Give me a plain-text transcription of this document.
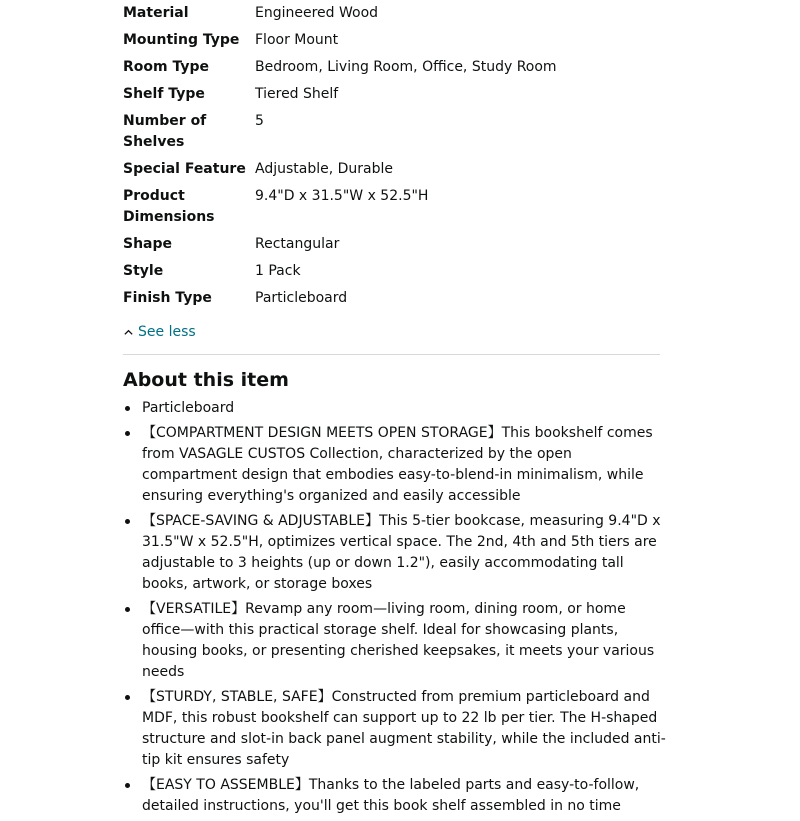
Material	Engineered Wood
Mounting Type	Floor Mount
Room Type	Bedroom, Living Room, Office, Study Room
Shelf Type	Tiered Shelf
Number of Shelves	5
Special Feature	Adjustable, Durable
Product Dimensions	9.4"D x 31.5"W x 52.5"H
Shape	Rectangular
Style	1 Pack
Finish Type	Particleboard
See less
About this item
Particleboard
【COMPARTMENT DESIGN MEETS OPEN STORAGE】This bookshelf comes from VASAGLE CUSTOS Collection, characterized by the open compartment design that embodies easy-to-blend-in minimalism, while ensuring everything's organized and easily accessible
【SPACE-SAVING & ADJUSTABLE】This 5-tier bookcase, measuring 9.4"D x 31.5"W x 52.5"H, optimizes vertical space. The 2nd, 4th and 5th tiers are adjustable to 3 heights (up or down 1.2"), easily accommodating tall books, artwork, or storage boxes
【VERSATILE】Revamp any room—living room, dining room, or home office—with this practical storage shelf. Ideal for showcasing plants, housing books, or presenting cherished keepsakes, it meets your various needs
【STURDY, STABLE, SAFE】Constructed from premium particleboard and MDF, this robust bookshelf can support up to 22 lb per tier. The H-shaped structure and slot-in back panel augment stability, while the included anti-tip kit ensures safety
【EASY TO ASSEMBLE】Thanks to the labeled parts and easy-to-follow, detailed instructions, you'll get this book shelf assembled in no time
